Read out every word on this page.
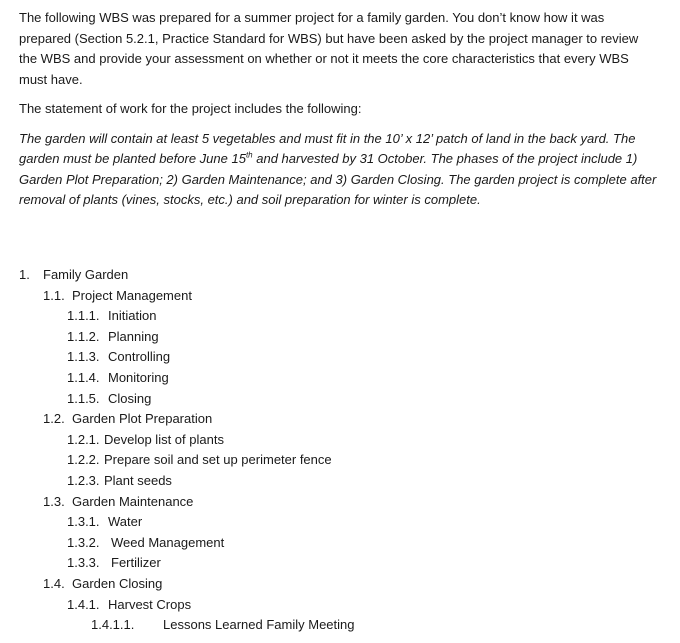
The following WBS was prepared for a summer project for a family garden. You don’t know how it was prepared (Section 5.2.1, Practice Standard for WBS) but have been asked by the project manager to review the WBS and provide your assessment on whether or not it meets the core characteristics that every WBS must have.

The statement of work for the project includes the following:

The garden will contain at least 5 vegetables and must fit in the 10’ x 12’ patch of land in the back yard. The garden must be planted before June 15th and harvested by 31 October. The phases of the project include 1) Garden Plot Preparation; 2) Garden Maintenance; and 3) Garden Closing. The garden project is complete after removal of plants (vines, stocks, etc.) and soil preparation for winter is complete.

1.	Family Garden
1.1. Project Management
1.1.1. Initiation
1.1.2. Planning
1.1.3. Controlling
1.1.4. Monitoring
1.1.5. Closing
1.2. Garden Plot Preparation
1.2.1. Develop list of plants
1.2.2. Prepare soil and set up perimeter fence
1.2.3. Plant seeds
1.3. Garden Maintenance
1.3.1. Water
1.3.2. Weed Management
1.3.3. Fertilizer
1.4. Garden Closing
1.4.1. Harvest Crops
1.4.1.1.	Lessons Learned Family Meeting
